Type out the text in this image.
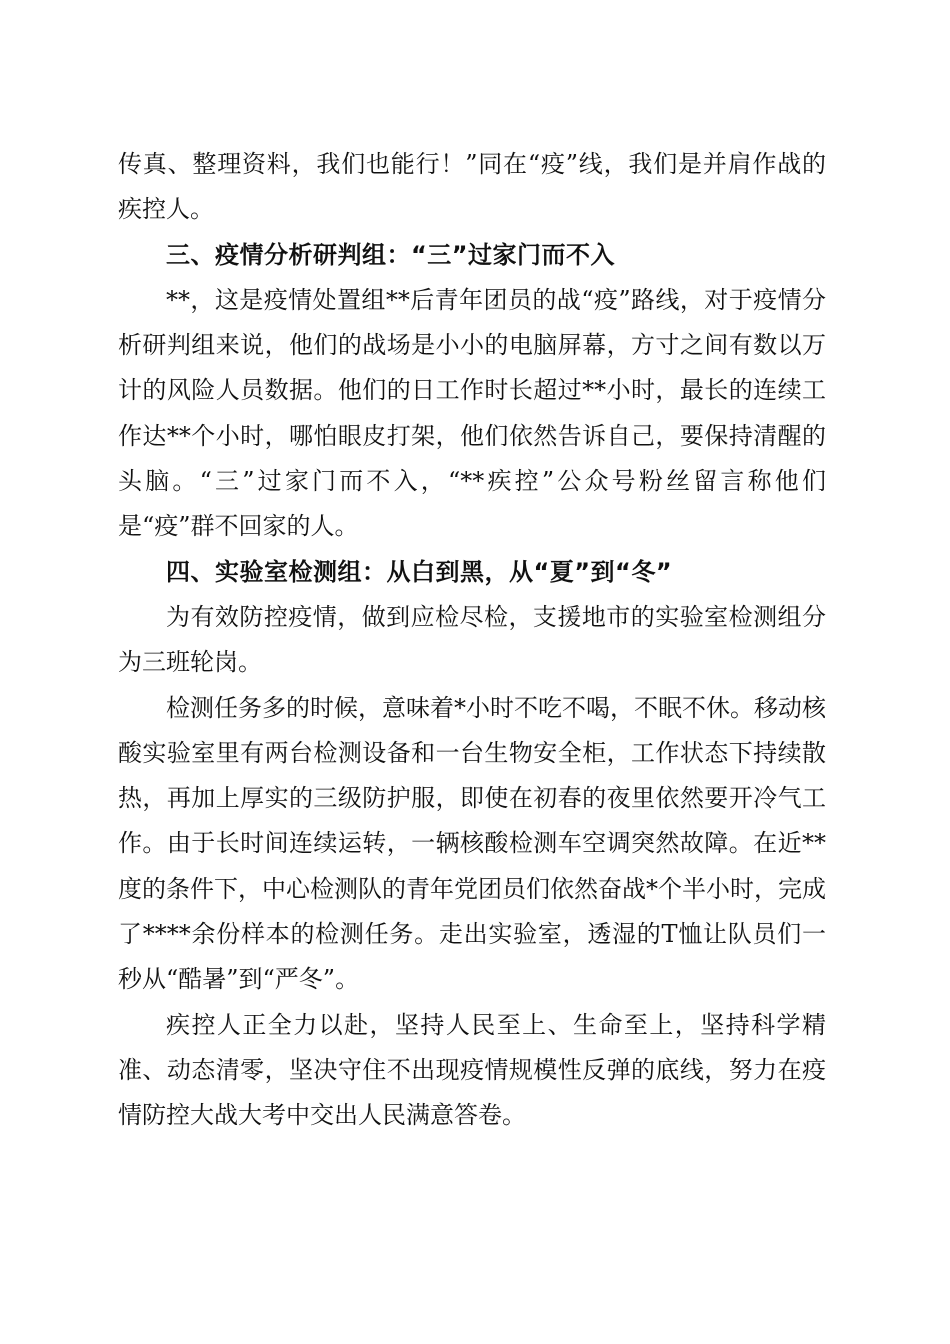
传真、整理资料，我们也能行！”同在“疫”线，我们是并肩作战的疾控人。

三、疫情分析研判组：“三”过家门而不入

**，这是疫情处置组**后青年团员的战“疫”路线，对于疫情分析研判组来说，他们的战场是小小的电脑屏幕，方寸之间有数以万计的风险人员数据。他们的日工作时长超过**小时，最长的连续工作达**个小时，哪怕眼皮打架，他们依然告诉自己，要保持清醒的头脑。“三”过家门而不入，“**疾控”公众号粉丝留言称他们是“疫”群不回家的人。

四、实验室检测组：从白到黑，从“夏”到“冬”

为有效防控疫情，做到应检尽检，支援地市的实验室检测组分为三班轮岗。

检测任务多的时候，意味着*小时不吃不喝，不眠不休。移动核酸实验室里有两台检测设备和一台生物安全柜，工作状态下持续散热，再加上厚实的三级防护服，即使在初春的夜里依然要开冷气工作。由于长时间连续运转，一辆核酸检测车空调突然故障。在近**度的条件下，中心检测队的青年党团员们依然奋战*个半小时，完成了****余份样本的检测任务。走出实验室，透湿的T恤让队员们一秒从“酷暑”到“严冬”。

疾控人正全力以赴，坚持人民至上、生命至上，坚持科学精准、动态清零，坚决守住不出现疫情规模性反弹的底线，努力在疫情防控大战大考中交出人民满意答卷。
